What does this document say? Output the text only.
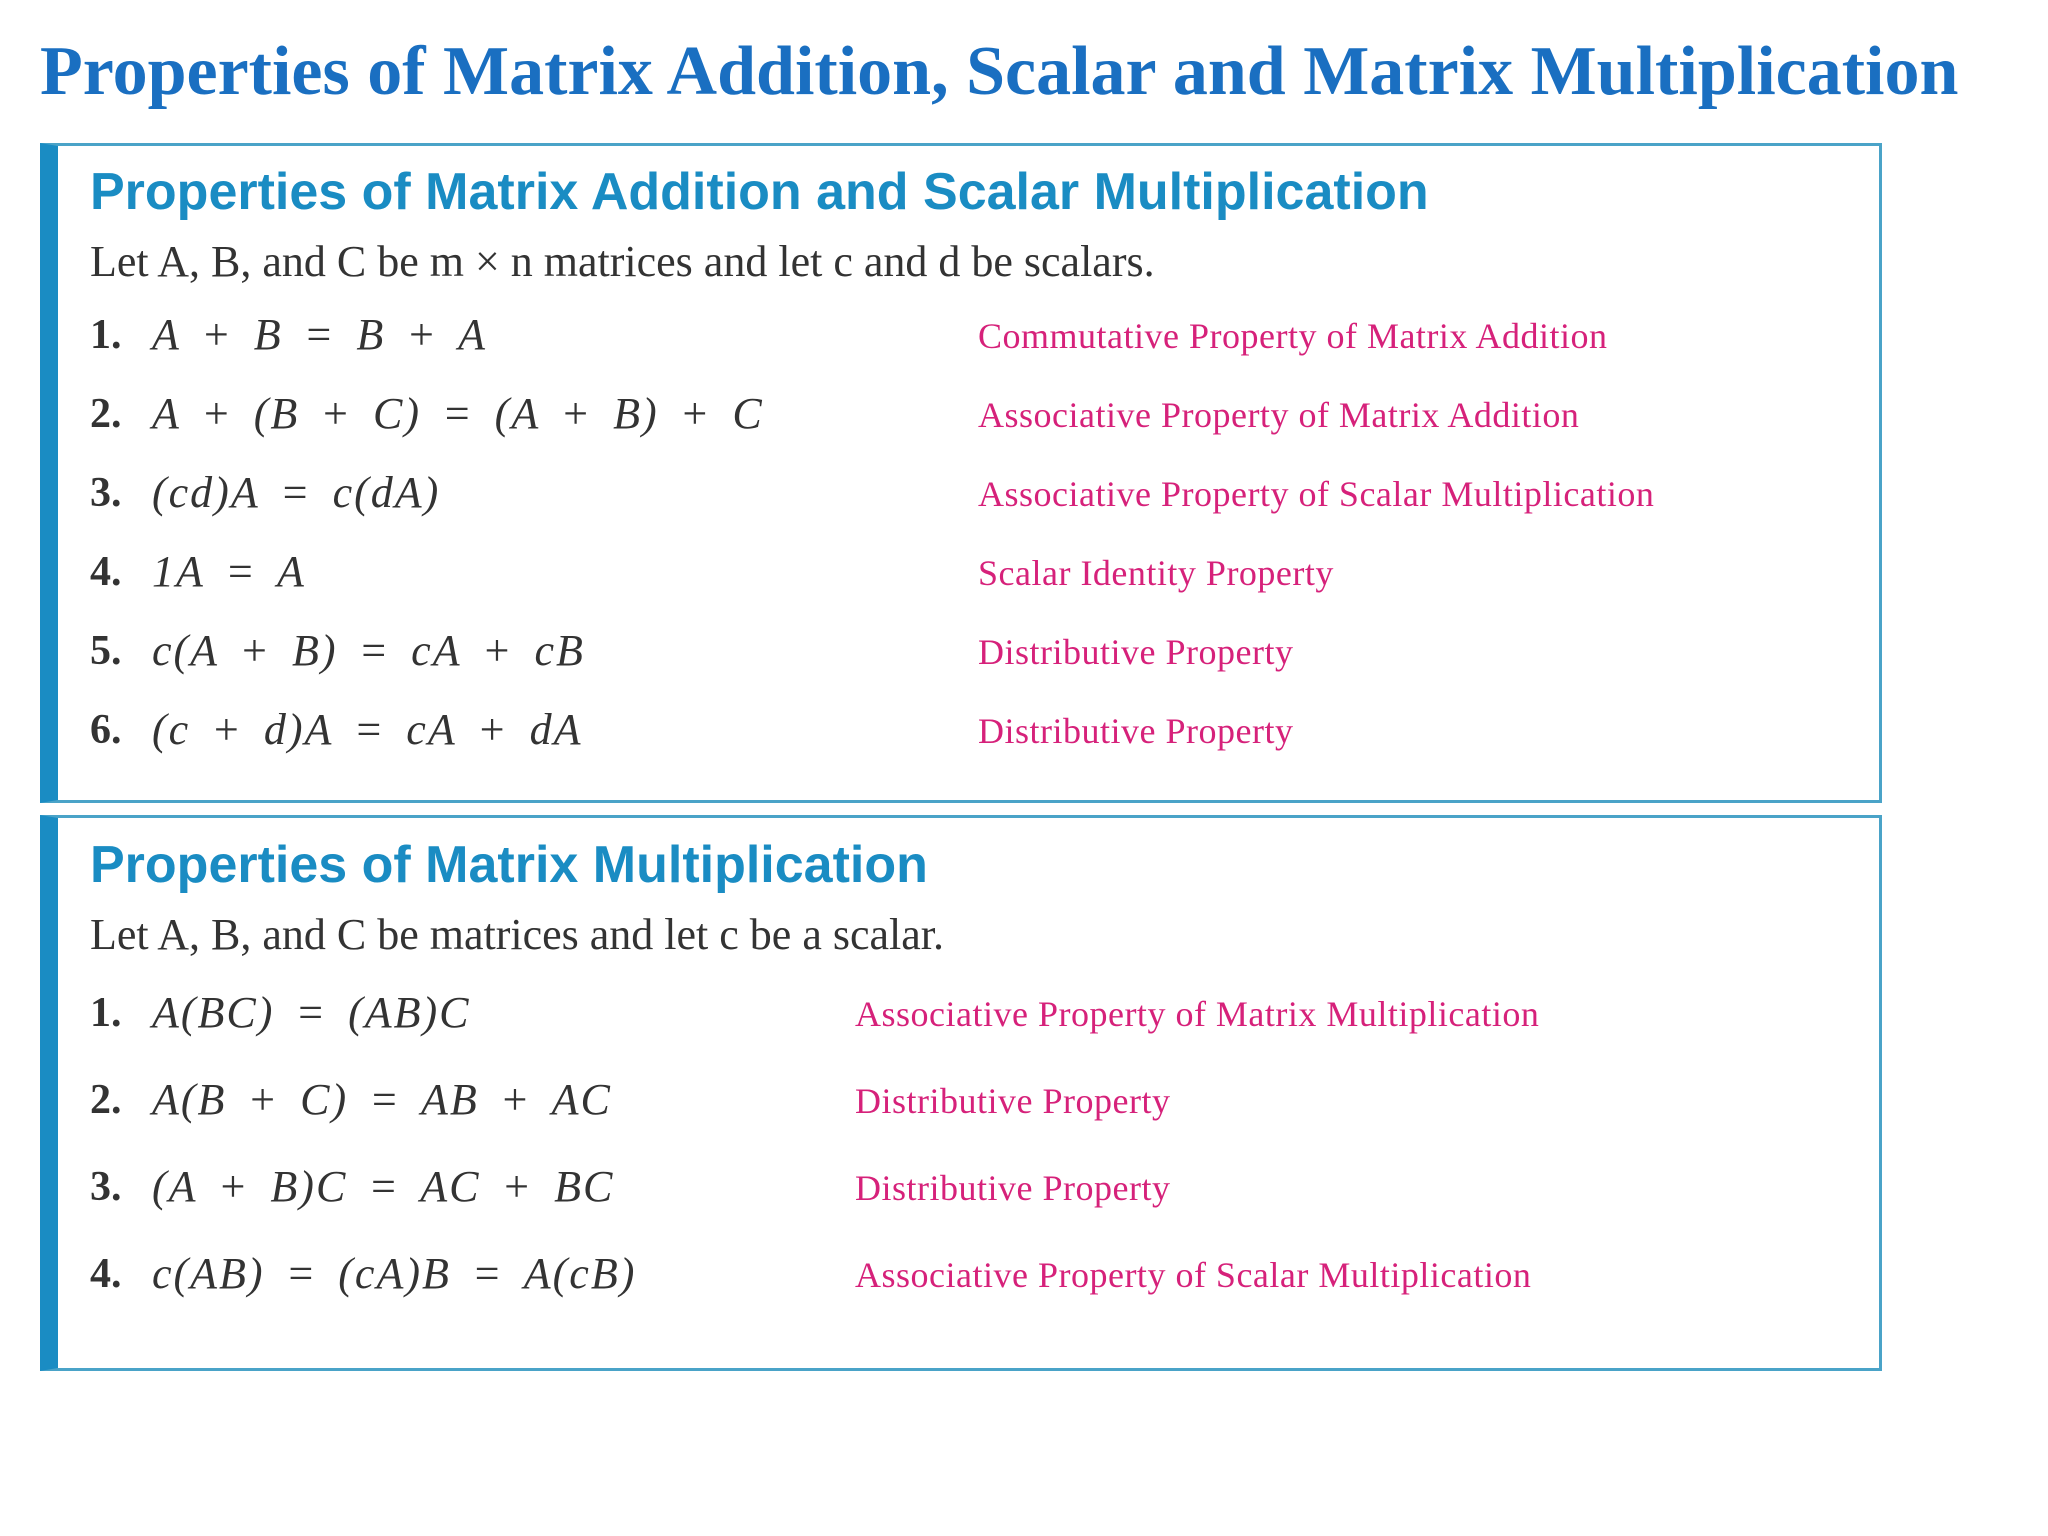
Properties of Matrix Addition, Scalar and Matrix Multiplication
Properties of Matrix Addition and Scalar Multiplication

Let A, B, and C be m × n matrices and let c and d be scalars.

1. A + B = B + A	Commutative Property of Matrix Addition
2. A + (B + C) = (A + B) + C	Associative Property of Matrix Addition
3. (cd)A = c(dA)	Associative Property of Scalar Multiplication
4. 1A = A	Scalar Identity Property
5. c(A + B) = cA + cB	Distributive Property
6. (c + d)A = cA + dA	Distributive Property
Properties of Matrix Multiplication

Let A, B, and C be matrices and let c be a scalar.

1. A(BC) = (AB)C	Associative Property of Matrix Multiplication
2. A(B + C) = AB + AC	Distributive Property
3. (A + B)C = AC + BC	Distributive Property
4. c(AB) = (cA)B = A(cB)	Associative Property of Scalar Multiplication
